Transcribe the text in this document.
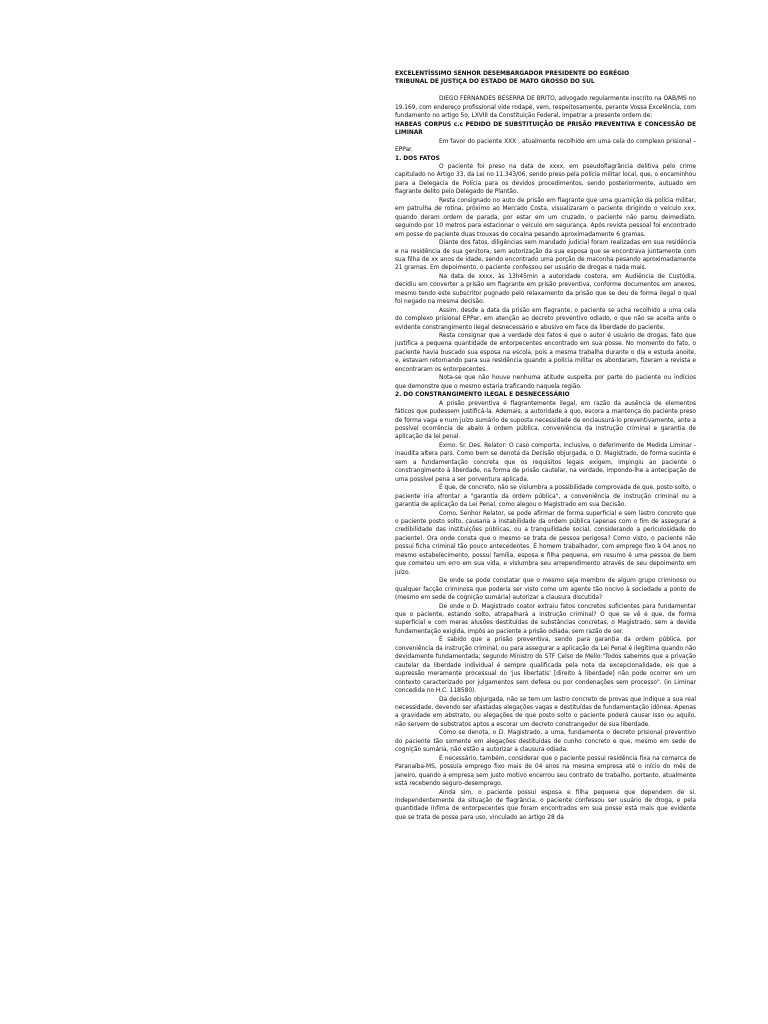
EXCELENTÍSSIMO SENHOR DESEMBARGADOR PRESIDENTE DO EGRÉGIO

TRIBUNAL DE JUSTIÇA DO ESTADO DE MATO GROSSO DO SUL

DIEGO FERNANDES BESERRA DE BRITO, advogado regularmente inscrito na OAB/MS no 19.169, com endereço profissional vide rodapé, vem, respeitosamente, perante Vossa Excelência, com fundamento no artigo 5o, LXVIII da Constituição Federal, impetrar a presente ordem de:

HABEAS CORPUS c.c PEDIDO DE SUBSTITUIÇÃO DE PRISÃO PREVENTIVA E CONCESSÃO DE LIMINAR

Em favor do paciente XXX , atualmente recolhido em uma cela do complexo prisional – EPPar.

1. DOS FATOS

O paciente foi preso na data de xxxx, em pseudoflagrância delitiva pelo crime capitulado no Artigo 33, da Lei no 11.343/06, sendo preso pela polícia militar local, que, o encaminhou para a Delegacia de Polícia para os devidos procedimentos, sendo posteriormente, autuado em flagrante delito pelo Delegado de Plantão.

Resta consignado no auto de prisão em flagrante que uma guarnição da polícia militar, em patrulha de rotina, próximo ao Mercado Costa, visualizaram o paciente dirigindo o veículo xxx, quando deram ordem de parada, por estar em um cruzado, o paciente não parou deimediato, seguindo por 10 metros para estacionar o veículo em segurança. Após revista pessoal foi encontrado em posse do paciente duas trouxas de cocaína pesando aproximadamente 6 gramas.

Diante dos fatos, diligências sem mandado judicial foram realizadas em sua residência e na residência de sua genitora, sem autorização da sua esposa que se encontrava juntamente com sua filha de xx anos de idade, sendo encontrado uma porção de maconha pesando aproximadamente 21 gramas. Em depoimento, o paciente confessou ser usuário de drogas e nada mais.

Na data de xxxx, às 13h45min a autoridade coatora, em Audiência de Custódia, decidiu em converter a prisão em flagrante em prisão preventiva, conforme documentos em anexos, mesmo tendo este subscritor pugnado pelo relaxamento da prisão que se deu de forma ilegal o qual foi negado na mesma decisão.

Assim, desde a data da prisão em flagrante, o paciente se acha recolhido a uma cela do complexo prisional EPPar, em atenção ao decreto preventivo odiado, o que não se aceita ante o evidente constrangimento ilegal desnecessário e abusivo em face da liberdade do paciente.

Resta consignar que a verdade dos fatos é que o autor é usuário de drogas, fato que justifica a pequena quantidade de entorpecentes encontrado em sua posse. No momento do fato, o paciente havia buscado sua esposa na escola, pois a mesma trabalha durante o dia e estuda anoite, e, estavam retornando para sua residência quando a polícia militar os abordaram, fizeram a revista e encontraram os entorpecentes.

Nota-se que não houve nenhuma atitude suspeita por parte do paciente ou indícios que demonstre que o mesmo estaria traficando naquela região.

2. DO CONSTRANGIMENTO ILEGAL E DESNECESSÁRIO

A prisão preventiva é flagrantemente ilegal, em razão da ausência de elementos fáticos que pudessem justificá-la. Ademais, a autoridade a quo, escora a mantença do paciente preso de forma vaga e num juízo sumário de suposta necessidade de enclausurá-lo preventivamente, ante a possível ocorrência de abalo à ordem pública, conveniência da instrução criminal e garantia de aplicação da lei penal.

Exmo. Sr. Des. Relator: O caso comporta, inclusive, o deferimento de Medida Liminar - inaudita altera pars. Como bem se denota da Decisão objurgada, o D. Magistrado, de forma sucinta e sem a fundamentação concreta que os requisitos legais exigem, impingiu ao paciente o constrangimento à liberdade, na forma de prisão cautelar, na verdade, impondo-lhe a antecipação de uma possível pena a ser porventura aplicada.

É que, de concreto, não se vislumbra a possibilidade comprovada de que, posto solto, o paciente iria afrontar a "garantia da ordem pública", a conveniência de instrução criminal ou a garantia de aplicação da Lei Penal, como alegou o Magistrado em sua Decisão.

Como, Senhor Relator, se pode afirmar de forma superficial e sem lastro concreto que o paciente posto solto, causaria a instabilidade da ordem pública (apenas com o fim de assegurar a credibilidade das instituições públicas, ou a tranquilidade social, considerando a periculosidade do paciente). Ora onde consta que o mesmo se trata de pessoa perigosa? Como visto, o paciente não possui ficha criminal tão pouco antecedentes. É homem trabalhador, com emprego fixo à 04 anos no mesmo estabelecimento, possui família, esposa e filha pequena, em resumo é uma pessoa de bem que cometeu um erro em sua vida, e vislumbra seu arrependimento através de seu depoimento em juízo.

De onde se pode constatar que o mesmo seja membro de algum grupo criminoso ou qualquer facção criminosa que poderia ser visto como um agente tão nocivo à sociedade a ponto de (mesmo em sede de cognição sumária) autorizar a clausura discutida?

De onde o D. Magistrado coator extraiu fatos concretos suficientes para fundamentar que o paciente, estando solto, atrapalhará a instrução criminal? O que se vê é que, de forma superficial e com meras alusões destituídas de substâncias concretas, o Magistrado, sem a devida fundamentação exigida, impôs ao paciente a prisão odiada, sem razão de ser.

É sabido que a prisão preventiva, sendo para garantia da ordem pública, por conveniência da instrução criminal, ou para assegurar a aplicação da Lei Penal é ilegítima quando não devidamente fundamentada; segundo Ministro do STF Celso de Mello:"Todos sabemos que a privação cautelar da liberdade individual é sempre qualificada pela nota da excepcionalidade, eis que a supressão meramente processual do 'jus libertatis' [direito à liberdade] não pode ocorrer em um contexto caracterizado por julgamentos sem defesa ou por condenações sem processo". (in Liminar concedida no H.C. 118580).

Da decisão objurgada, não se tem um lastro concreto de provas que indique a sua real necessidade, devendo ser afastadas alegações vagas e destituídas de fundamentação idônea. Apenas a gravidade em abstrato, ou alegações de que posto solto o paciente poderá causar isso ou aquilo, não servem de substratos aptos a escorar um decreto constrangedor de sua liberdade.

Como se denota, o D. Magistrado, a uma, fundamenta o decreto prisional preventivo do paciente tão somente em alegações destituídas de cunho concreto e que, mesmo em sede de cognição sumária, não estão a autorizar a clausura odiada.

É necessário, também, considerar que o paciente possui residência fixa na comarca de Paranaíba-MS, possuía emprego fixo mais de 04 anos na mesma empresa até o início do mês de janeiro, quando a empresa sem justo motivo encerrou seu contrato de trabalho, portanto, atualmente está recebendo seguro-desemprego.

Ainda sim, o paciente possui esposa e filha pequena que dependem de si. Independentemente da situação de flagrância, o paciente confessou ser usuário de droga, e pela quantidade ínfima de entorpecentes que foram encontrados em sua posse está mais que evidente que se trata de posse para uso, vinculado ao artigo 28 da
